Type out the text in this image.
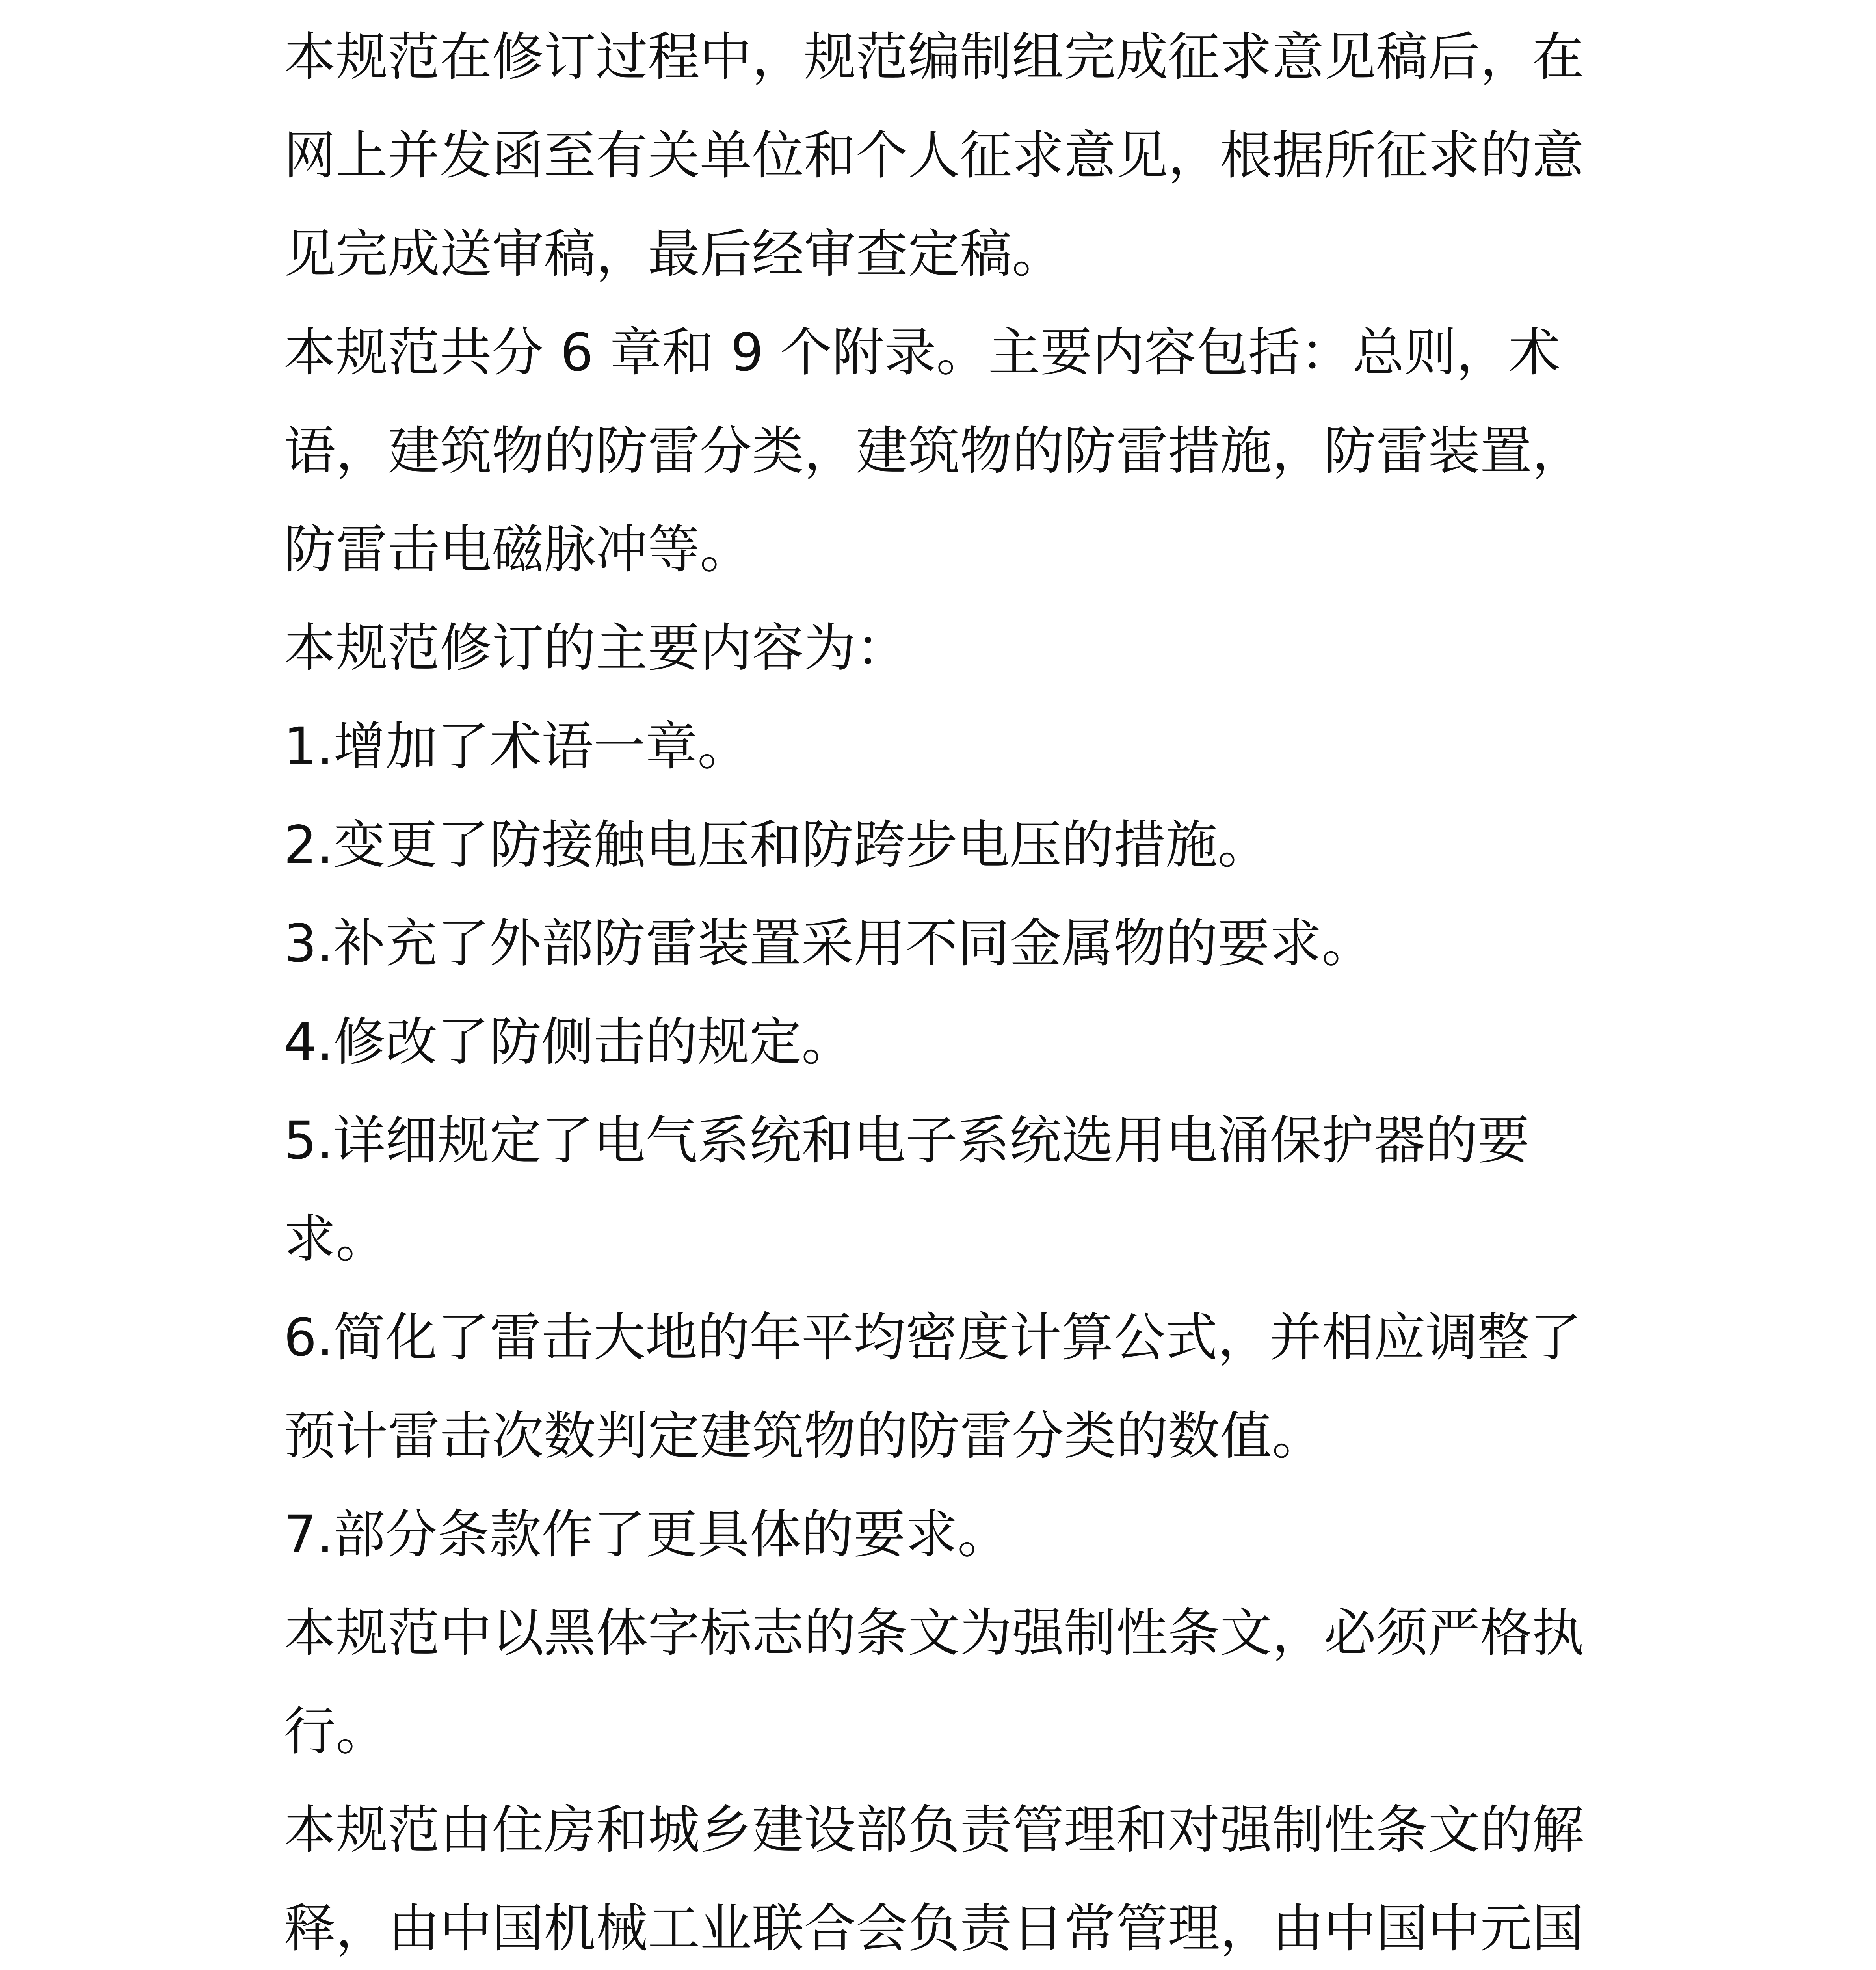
本规范在修订过程中，规范编制组完成征求意见稿后，在网上并发函至有关单位和个人征求意见，根据所征求的意见完成送审稿，最后经审查定稿。

本规范共分 6 章和 9 个附录。主要内容包括：总则，术语，建筑物的防雷分类，建筑物的防雷措施，防雷装置，防雷击电磁脉冲等。

本规范修订的主要内容为：

1.增加了术语一章。

2.变更了防接触电压和防跨步电压的措施。

3.补充了外部防雷装置采用不同金属物的要求。

4.修改了防侧击的规定。

5.详细规定了电气系统和电子系统选用电涌保护器的要求。

6.简化了雷击大地的年平均密度计算公式，并相应调整了预计雷击次数判定建筑物的防雷分类的数值。

7.部分条款作了更具体的要求。

本规范中以黑体字标志的条文为强制性条文，必须严格执行。

本规范由住房和城乡建设部负责管理和对强制性条文的解释，由中国机械工业联合会负责日常管理，由中国中元国
